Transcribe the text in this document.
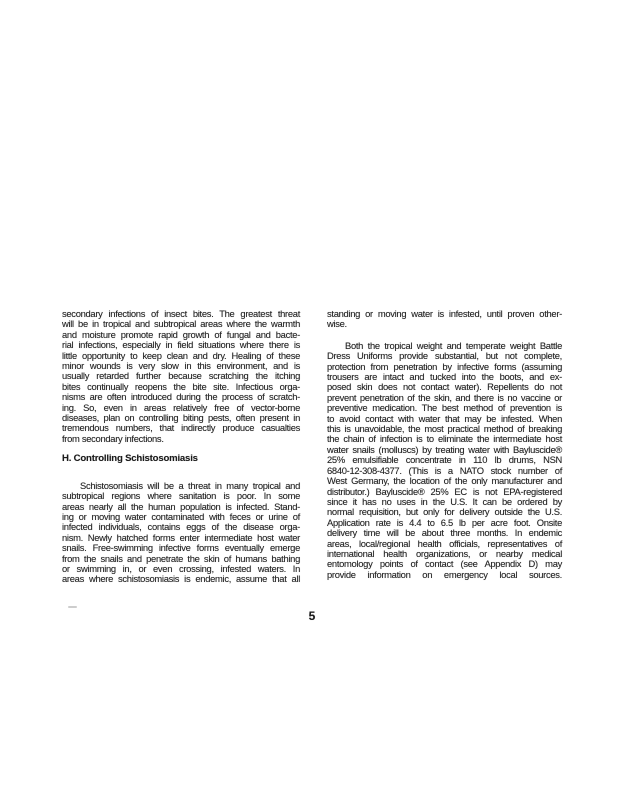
secondary infections of insect bites. The greatest threat
will be in tropical and subtropical areas where the warmth
and moisture promote rapid growth of fungal and bacte-
rial infections, especially in field situations where there is
little opportunity to keep clean and dry. Healing of these
minor wounds is very slow in this environment, and is
usually retarded further because scratching the itching
bites continually reopens the bite site. Infectious orga-
nisms are often introduced during the process of scratch-
ing. So, even in areas relatively free of vector-borne
diseases, plan on controlling biting pests, often present in
tremendous numbers, that indirectly produce casualties
from secondary infections.
H. Controlling Schistosomiasis
Schistosomiasis will be a threat in many tropical and
subtropical regions where sanitation is poor. In some
areas nearly all the human population is infected. Stand-
ing or moving water contaminated with feces or urine of
infected individuals, contains eggs of the disease orga-
nism. Newly hatched forms enter intermediate host water
snails. Free-swimming infective forms eventually emerge
from the snails and penetrate the skin of humans bathing
or swimming in, or even crossing, infested waters. In
areas where schistosomiasis is endemic, assume that all
standing or moving water is infested, until proven other-
wise.
Both the tropical weight and temperate weight Battle
Dress Uniforms provide substantial, but not complete,
protection from penetration by infective forms (assuming
trousers are intact and tucked into the boots, and ex-
posed skin does not contact water). Repellents do not
prevent penetration of the skin, and there is no vaccine or
preventive medication. The best method of prevention is
to avoid contact with water that may be infested. When
this is unavoidable, the most practical method of breaking
the chain of infection is to eliminate the intermediate host
water snails (molluscs) by treating water with Bayluscide®
25% emulsifiable concentrate in 110 lb drums, NSN
6840-12-308-4377. (This is a NATO stock number of
West Germany, the location of the only manufacturer and
distributor.) Bayluscide® 25% EC is not EPA-registered
since it has no uses in the U.S. It can be ordered by
normal requisition, but only for delivery outside the U.S.
Application rate is 4.4 to 6.5 lb per acre foot. Onsite
delivery time will be about three months. In endemic
areas, local/regional health officials, representatives of
international health organizations, or nearby medical
entomology points of contact (see Appendix D) may
provide information on emergency local sources.
5
